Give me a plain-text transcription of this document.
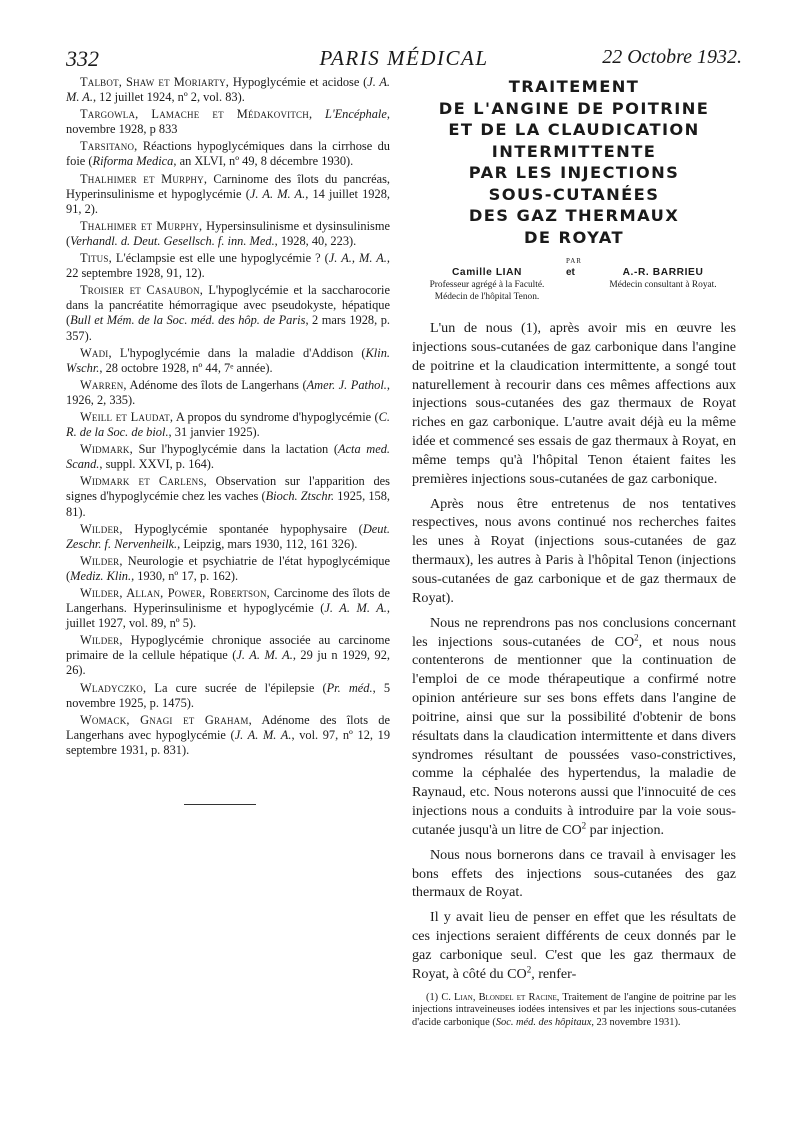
332	PARIS MÉDICAL	22 Octobre 1932.

Talbot, Shaw et Moriarty, Hypoglycémie et acidose (J. A. M. A., 12 juillet 1924, nº 2, vol. 83).

Targowla, Lamache et Médakovitch, L'Encéphale, novembre 1928, p 833

Tarsitano, Réactions hypoglycémiques dans la cirrhose du foie (Riforma Medica, an XLVI, nº 49, 8 décembre 1930).

Thalhimer et Murphy, Carninome des îlots du pancréas, Hyperinsulinisme et hypoglycémie (J. A. M. A., 14 juillet 1928, 91, 2).

Thalhimer et Murphy, Hypersinsulinisme et dysinsulinisme (Verhandl. d. Deut. Gesellsch. f. inn. Med., 1928, 40, 223).

Titus, L'éclampsie est elle une hypoglycémie ? (J. A., M. A., 22 septembre 1928, 91, 12).

Troisier et Casaubon, L'hypoglycémie et la saccharocorie dans la pancréatite hémorragique avec pseudokyste, hépatique (Bull et Mém. de la Soc. méd. des hôp. de Paris, 2 mars 1928, p. 357).

Wadi, L'hypoglycémie dans la maladie d'Addison (Klin. Wschr., 28 octobre 1928, nº 44, 7ᵉ année).

Warren, Adénome des îlots de Langerhans (Amer. J. Pathol., 1926, 2, 335).

Weill et Laudat, A propos du syndrome d'hypoglycémie (C. R. de la Soc. de biol., 31 janvier 1925).

Widmark, Sur l'hypoglycémie dans la lactation (Acta med. Scand., suppl. XXVI, p. 164).

Widmark et Carlens, Observation sur l'apparition des signes d'hypoglycémie chez les vaches (Bioch. Ztschr. 1925, 158, 81).

Wilder, Hypoglycémie spontanée hypophysaire (Deut. Zeschr. f. Nervenheilk., Leipzig, mars 1930, 112, 161 326).

Wilder, Neurologie et psychiatrie de l'état hypoglycémique (Mediz. Klin., 1930, nº 17, p. 162).

Wilder, Allan, Power, Robertson, Carcinome des îlots de Langerhans. Hyperinsulinisme et hypoglycémie (J. A. M. A., juillet 1927, vol. 89, nº 5).

Wilder, Hypoglycémie chronique associée au carcinome primaire de la cellule hépatique (J. A. M. A., 29 ju n 1929, 92, 26).

Wladyczko, La cure sucrée de l'épilepsie (Pr. méd., 5 novembre 1925, p. 1475).

Womack, Gnagi et Graham, Adénome des îlots de Langerhans avec hypoglycémie (J. A. M. A., vol. 97, nº 12, 19 septembre 1931, p. 831).

TRAITEMENT
DE L'ANGINE DE POITRINE
ET DE LA CLAUDICATION
INTERMITTENTE
PAR LES INJECTIONS
SOUS-CUTANÉES
DES GAZ THERMAUX
DE ROYAT
PAR
Camille LIAN
Professeur agrégé à la Faculté.
Médecin de l'hôpital Tenon.
et	A.-R. BARRIEU
Médecin consultant à Royat.

L'un de nous (1), après avoir mis en œuvre les injections sous-cutanées de gaz carbonique dans l'angine de poitrine et la claudication intermittente, a songé tout naturellement à recourir dans ces mêmes affections aux injections sous-cutanées des gaz thermaux de Royat riches en gaz carbonique. L'autre avait déjà eu la même idée et commencé ses essais de gaz thermaux à Royat, en même temps qu'à l'hôpital Tenon étaient faites les premières injections sous-cutanées de gaz carbonique.

Après nous être entretenus de nos tentatives respectives, nous avons continué nos recherches faites les unes à Royat (injections sous-cutanées de gaz thermaux), les autres à Paris à l'hôpital Tenon (injections sous-cutanées de gaz carbonique et de gaz thermaux de Royat).

Nous ne reprendrons pas nos conclusions concernant les injections sous-cutanées de $CO^2$, et nous nous contenterons de mentionner que la continuation de l'emploi de ce mode thérapeutique a confirmé notre opinion antérieure sur ses bons effets dans l'angine de poitrine, ainsi que sur la possibilité d'obtenir de bons résultats dans la claudication intermittente et dans divers syndromes résultant de poussées vaso-constrictives, comme la céphalée des hypertendus, la maladie de Raynaud, etc. Nous noterons aussi que l'innocuité de ces injections nous a conduits à introduire par la voie sous-cutanée jusqu'à un litre de $CO^2$ par injection.

Nous nous bornerons dans ce travail à envisager les bons effets des injections sous-cutanées des gaz thermaux de Royat.

Il y avait lieu de penser en effet que les résultats de ces injections seraient différents de ceux donnés par le gaz carbonique seul. C'est que les gaz thermaux de Royat, à côté du $CO^2$, renfer-

(1) C. Lian, Blondel et Racine, Traitement de l'angine de poitrine par les injections intraveineuses iodées intensives et par les injections sous-cutanées d'acide carbonique (Soc. méd. des hôpitaux, 23 novembre 1931).
